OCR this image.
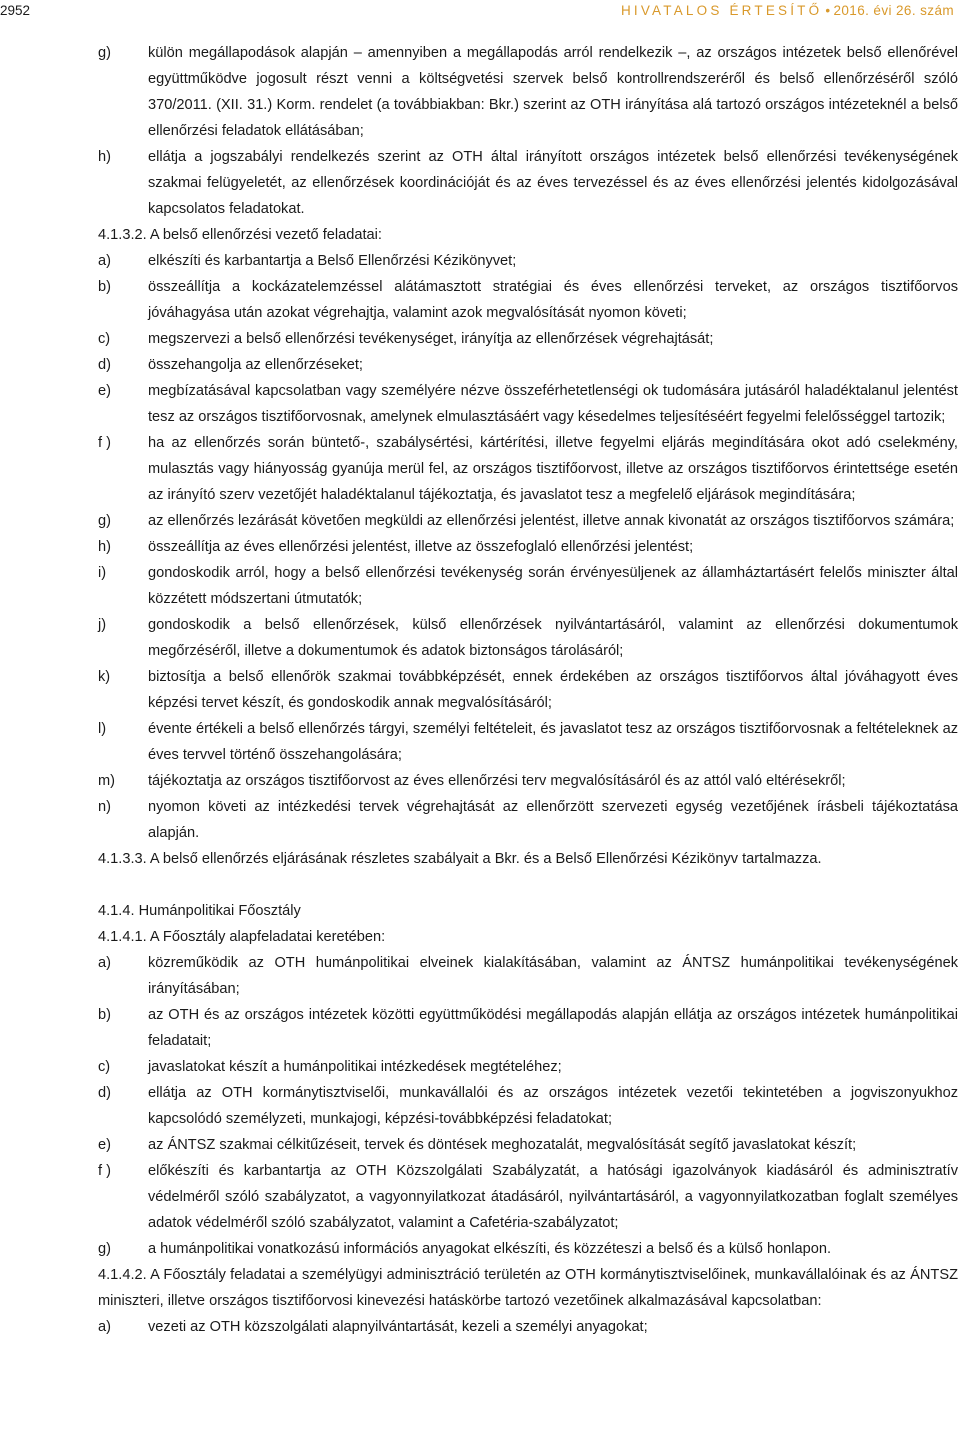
2952	HIVATALOS ÉRTESÍTŐ • 2016. évi 26. szám
g)	külön megállapodások alapján – amennyiben a megállapodás arról rendelkezik –, az országos intézetek belső ellenőrével együttműködve jogosult részt venni a költségvetési szervek belső kontrollrendszeréről és belső ellenőrzéséről szóló 370/2011. (XII. 31.) Korm. rendelet (a továbbiakban: Bkr.) szerint az OTH irányítása alá tartozó országos intézeteknél a belső ellenőrzési feladatok ellátásában;
h)	ellátja a jogszabályi rendelkezés szerint az OTH által irányított országos intézetek belső ellenőrzési tevékenységének szakmai felügyeletét, az ellenőrzések koordinációját és az éves tervezéssel és az éves ellenőrzési jelentés kidolgozásával kapcsolatos feladatokat.
4.1.3.2. A belső ellenőrzési vezető feladatai:
a)	elkészíti és karbantartja a Belső Ellenőrzési Kézikönyvet;
b)	összeállítja a kockázatelemzéssel alátámasztott stratégiai és éves ellenőrzési terveket, az országos tisztifőorvos jóváhagyása után azokat végrehajtja, valamint azok megvalósítását nyomon követi;
c)	megszervezi a belső ellenőrzési tevékenységet, irányítja az ellenőrzések végrehajtását;
d)	összehangolja az ellenőrzéseket;
e)	megbízatásával kapcsolatban vagy személyére nézve összeférhetetlenségi ok tudomására jutásáról haladéktalanul jelentést tesz az országos tisztifőorvosnak, amelynek elmulasztásáért vagy késedelmes teljesítéséért fegyelmi felelősséggel tartozik;
f )	ha az ellenőrzés során büntető-, szabálysértési, kártérítési, illetve fegyelmi eljárás megindítására okot adó cselekmény, mulasztás vagy hiányosság gyanúja merül fel, az országos tisztifőorvost, illetve az országos tisztifőorvos érintettsége esetén az irányító szerv vezetőjét haladéktalanul tájékoztatja, és javaslatot tesz a megfelelő eljárások megindítására;
g)	az ellenőrzés lezárását követően megküldi az ellenőrzési jelentést, illetve annak kivonatát az országos tisztifőorvos számára;
h)	összeállítja az éves ellenőrzési jelentést, illetve az összefoglaló ellenőrzési jelentést;
i)	gondoskodik arról, hogy a belső ellenőrzési tevékenység során érvényesüljenek az államháztartásért felelős miniszter által közzétett módszertani útmutatók;
j)	gondoskodik a belső ellenőrzések, külső ellenőrzések nyilvántartásáról, valamint az ellenőrzési dokumentumok megőrzéséről, illetve a dokumentumok és adatok biztonságos tárolásáról;
k)	biztosítja a belső ellenőrök szakmai továbbképzését, ennek érdekében az országos tisztifőorvos által jóváhagyott éves képzési tervet készít, és gondoskodik annak megvalósításáról;
l)	évente értékeli a belső ellenőrzés tárgyi, személyi feltételeit, és javaslatot tesz az országos tisztifőorvosnak a feltételeknek az éves tervvel történő összehangolására;
m)	tájékoztatja az országos tisztifőorvost az éves ellenőrzési terv megvalósításáról és az attól való eltérésekről;
n)	nyomon követi az intézkedési tervek végrehajtását az ellenőrzött szervezeti egység vezetőjének írásbeli tájékoztatása alapján.
4.1.3.3. A belső ellenőrzés eljárásának részletes szabályait a Bkr. és a Belső Ellenőrzési Kézikönyv tartalmazza.
4.1.4. Humánpolitikai Főosztály
4.1.4.1. A Főosztály alapfeladatai keretében:
a)	közreműködik az OTH humánpolitikai elveinek kialakításában, valamint az ÁNTSZ humánpolitikai tevékenységének irányításában;
b)	az OTH és az országos intézetek közötti együttműködési megállapodás alapján ellátja az országos intézetek humánpolitikai feladatait;
c)	javaslatokat készít a humánpolitikai intézkedések megtételéhez;
d)	ellátja az OTH kormánytisztviselői, munkavállalói és az országos intézetek vezetői tekintetében a jogviszonyukhoz kapcsolódó személyzeti, munkajogi, képzési-továbbképzési feladatokat;
e)	az ÁNTSZ szakmai célkitűzéseit, tervek és döntések meghozatalát, megvalósítását segítő javaslatokat készít;
f )	előkészíti és karbantartja az OTH Közszolgálati Szabályzatát, a hatósági igazolványok kiadásáról és adminisztratív védelméről szóló szabályzatot, a vagyonnyilatkozat átadásáról, nyilvántartásáról, a vagyonnyilatkozatban foglalt személyes adatok védelméről szóló szabályzatot, valamint a Cafetéria-szabályzatot;
g)	a humánpolitikai vonatkozású információs anyagokat elkészíti, és közzéteszi a belső és a külső honlapon.
4.1.4.2. A Főosztály feladatai a személyügyi adminisztráció területén az OTH kormánytisztviselőinek, munkavállalóinak és az ÁNTSZ miniszteri, illetve országos tisztifőorvosi kinevezési hatáskörbe tartozó vezetőinek alkalmazásával kapcsolatban:
a)	vezeti az OTH közszolgálati alapnyilvántartását, kezeli a személyi anyagokat;
